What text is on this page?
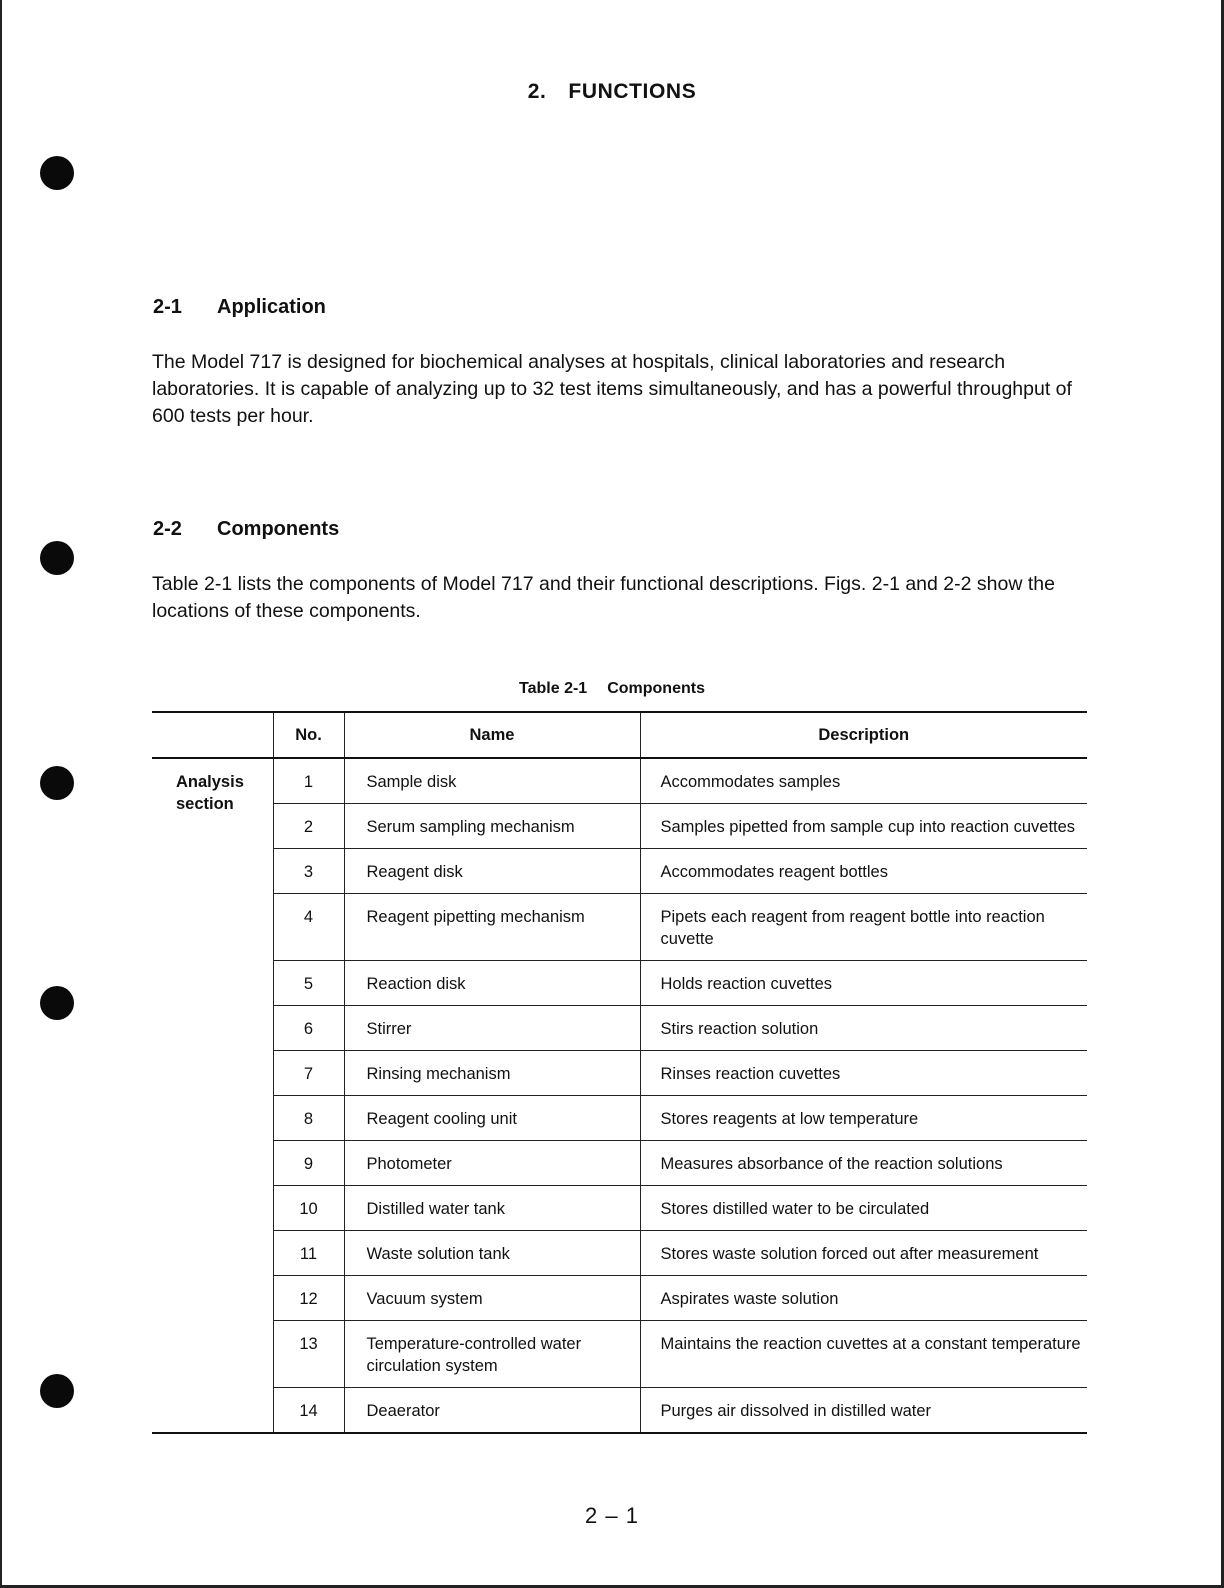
2. FUNCTIONS
2-1 Application

The Model 717 is designed for biochemical analyses at hospitals, clinical laboratories and research laboratories. It is capable of analyzing up to 32 test items simultaneously, and has a powerful throughput of 600 tests per hour.

2-2 Components

Table 2-1 lists the components of Model 717 and their functional descriptions. Figs. 2-1 and 2-2 show the locations of these components.

Table 2-1 Components
	No.	Name	Description

Analysis section	1	Sample disk	Accommodates samples
	2	Serum sampling mechanism	Samples pipetted from sample cup into reaction cuvettes
	3	Reagent disk	Accommodates reagent bottles
	4	Reagent pipetting mechanism	Pipets each reagent from reagent bottle into reaction cuvette
	5	Reaction disk	Holds reaction cuvettes
	6	Stirrer	Stirs reaction solution
	7	Rinsing mechanism	Rinses reaction cuvettes
	8	Reagent cooling unit	Stores reagents at low temperature
	9	Photometer	Measures absorbance of the reaction solutions
	10	Distilled water tank	Stores distilled water to be circulated
	11	Waste solution tank	Stores waste solution forced out after measurement
	12	Vacuum system	Aspirates waste solution
	13	Temperature-controlled water circulation system	Maintains the reaction cuvettes at a constant temperature
	14	Deaerator	Purges air dissolved in distilled water
2 – 1
